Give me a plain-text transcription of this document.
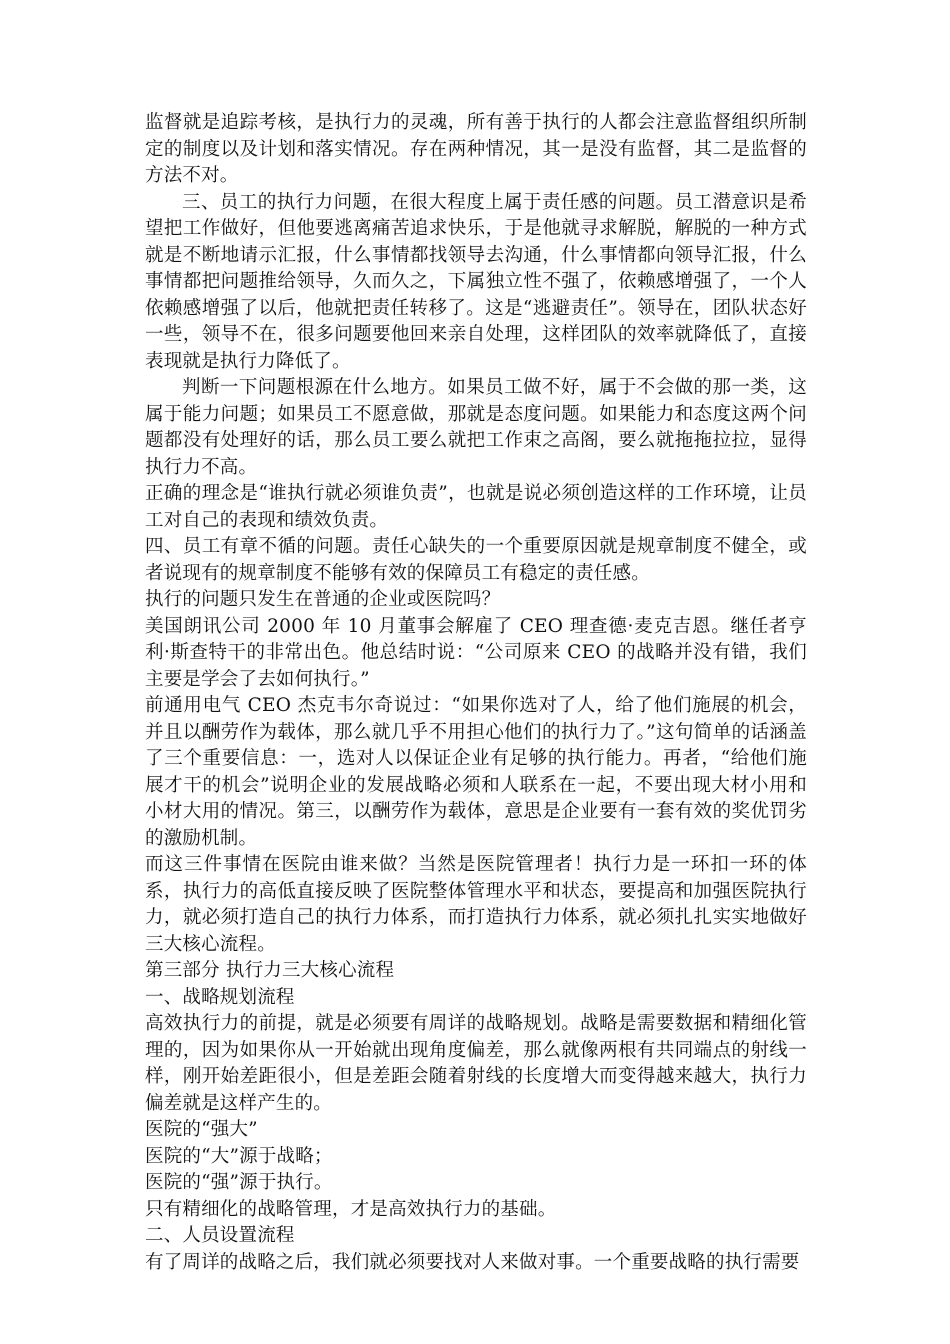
监督就是追踪考核，是执行力的灵魂，所有善于执行的人都会注意监督组织所制定的制度以及计划和落实情况。存在两种情况，其一是没有监督，其二是监督的方法不对。

三、员工的执行力问题，在很大程度上属于责任感的问题。员工潜意识是希望把工作做好，但他要逃离痛苦追求快乐，于是他就寻求解脱，解脱的一种方式就是不断地请示汇报，什么事情都找领导去沟通，什么事情都向领导汇报，什么事情都把问题推给领导，久而久之，下属独立性不强了，依赖感增强了，一个人依赖感增强了以后，他就把责任转移了。这是“逃避责任”。领导在，团队状态好一些，领导不在，很多问题要他回来亲自处理，这样团队的效率就降低了，直接表现就是执行力降低了。

判断一下问题根源在什么地方。如果员工做不好，属于不会做的那一类，这属于能力问题；如果员工不愿意做，那就是态度问题。如果能力和态度这两个问题都没有处理好的话，那么员工要么就把工作束之高阁，要么就拖拖拉拉，显得执行力不高。

正确的理念是“谁执行就必须谁负责”，也就是说必须创造这样的工作环境，让员工对自己的表现和绩效负责。

四、员工有章不循的问题。责任心缺失的一个重要原因就是规章制度不健全，或者说现有的规章制度不能够有效的保障员工有稳定的责任感。

执行的问题只发生在普通的企业或医院吗？

美国朗讯公司 2000 年 10 月董事会解雇了 CEO 理查德·麦克吉恩。继任者亨利·斯查特干的非常出色。他总结时说：“公司原来 CEO 的战略并没有错，我们主要是学会了去如何执行。”

前通用电气 CEO 杰克韦尔奇说过：“如果你选对了人，给了他们施展的机会，并且以酬劳作为载体，那么就几乎不用担心他们的执行力了。”这句简单的话涵盖了三个重要信息：一，选对人以保证企业有足够的执行能力。再者，“给他们施展才干的机会”说明企业的发展战略必须和人联系在一起，不要出现大材小用和小材大用的情况。第三，以酬劳作为载体，意思是企业要有一套有效的奖优罚劣的激励机制。

而这三件事情在医院由谁来做？当然是医院管理者！执行力是一环扣一环的体系，执行力的高低直接反映了医院整体管理水平和状态，要提高和加强医院执行力，就必须打造自己的执行力体系，而打造执行力体系，就必须扎扎实实地做好三大核心流程。

第三部分 执行力三大核心流程

一、战略规划流程

高效执行力的前提，就是必须要有周详的战略规划。战略是需要数据和精细化管理的，因为如果你从一开始就出现角度偏差，那么就像两根有共同端点的射线一样，刚开始差距很小，但是差距会随着射线的长度增大而变得越来越大，执行力偏差就是这样产生的。

医院的“强大”

医院的“大”源于战略；

医院的“强”源于执行。

只有精细化的战略管理，才是高效执行力的基础。

二、人员设置流程

有了周详的战略之后，我们就必须要找对人来做对事。一个重要战略的执行需要
